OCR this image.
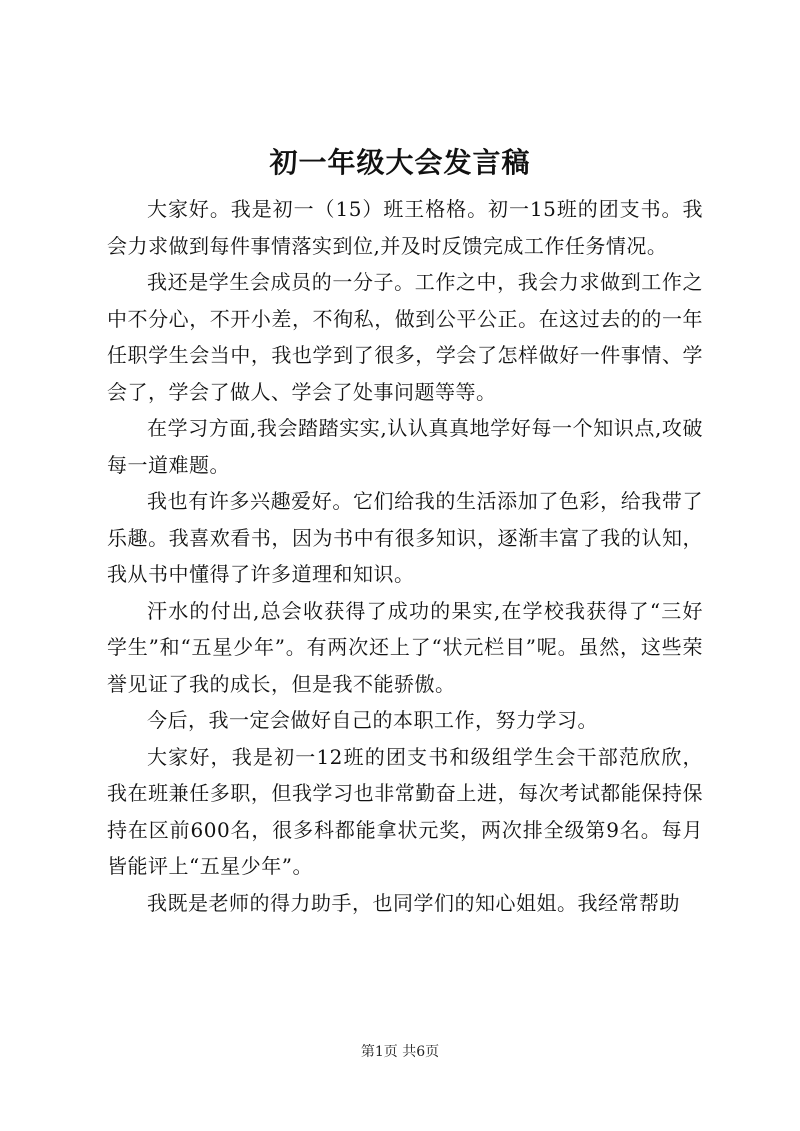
初一年级大会发言稿

大家好。我是初一（15）班王格格。初一15班的团支书。我会力求做到每件事情落实到位,并及时反馈完成工作任务情况。

我还是学生会成员的一分子。工作之中，我会力求做到工作之中不分心，不开小差，不徇私，做到公平公正。在这过去的的一年任职学生会当中，我也学到了很多，学会了怎样做好一件事情、学会了，学会了做人、学会了处事问题等等。

在学习方面,我会踏踏实实,认认真真地学好每一个知识点,攻破每一道难题。

我也有许多兴趣爱好。它们给我的生活添加了色彩，给我带了乐趣。我喜欢看书，因为书中有很多知识，逐渐丰富了我的认知，我从书中懂得了许多道理和知识。

汗水的付出,总会收获得了成功的果实,在学校我获得了“三好学生”和“五星少年”。有两次还上了“状元栏目”呢。虽然，这些荣誉见证了我的成长，但是我不能骄傲。

今后，我一定会做好自己的本职工作，努力学习。

大家好，我是初一12班的团支书和级组学生会干部范欣欣，我在班兼任多职，但我学习也非常勤奋上进，每次考试都能保持保持在区前600名，很多科都能拿状元奖，两次排全级第9名。每月皆能评上“五星少年”。

我既是老师的得力助手，也同学们的知心姐姐。我经常帮助

第1页 共6页
